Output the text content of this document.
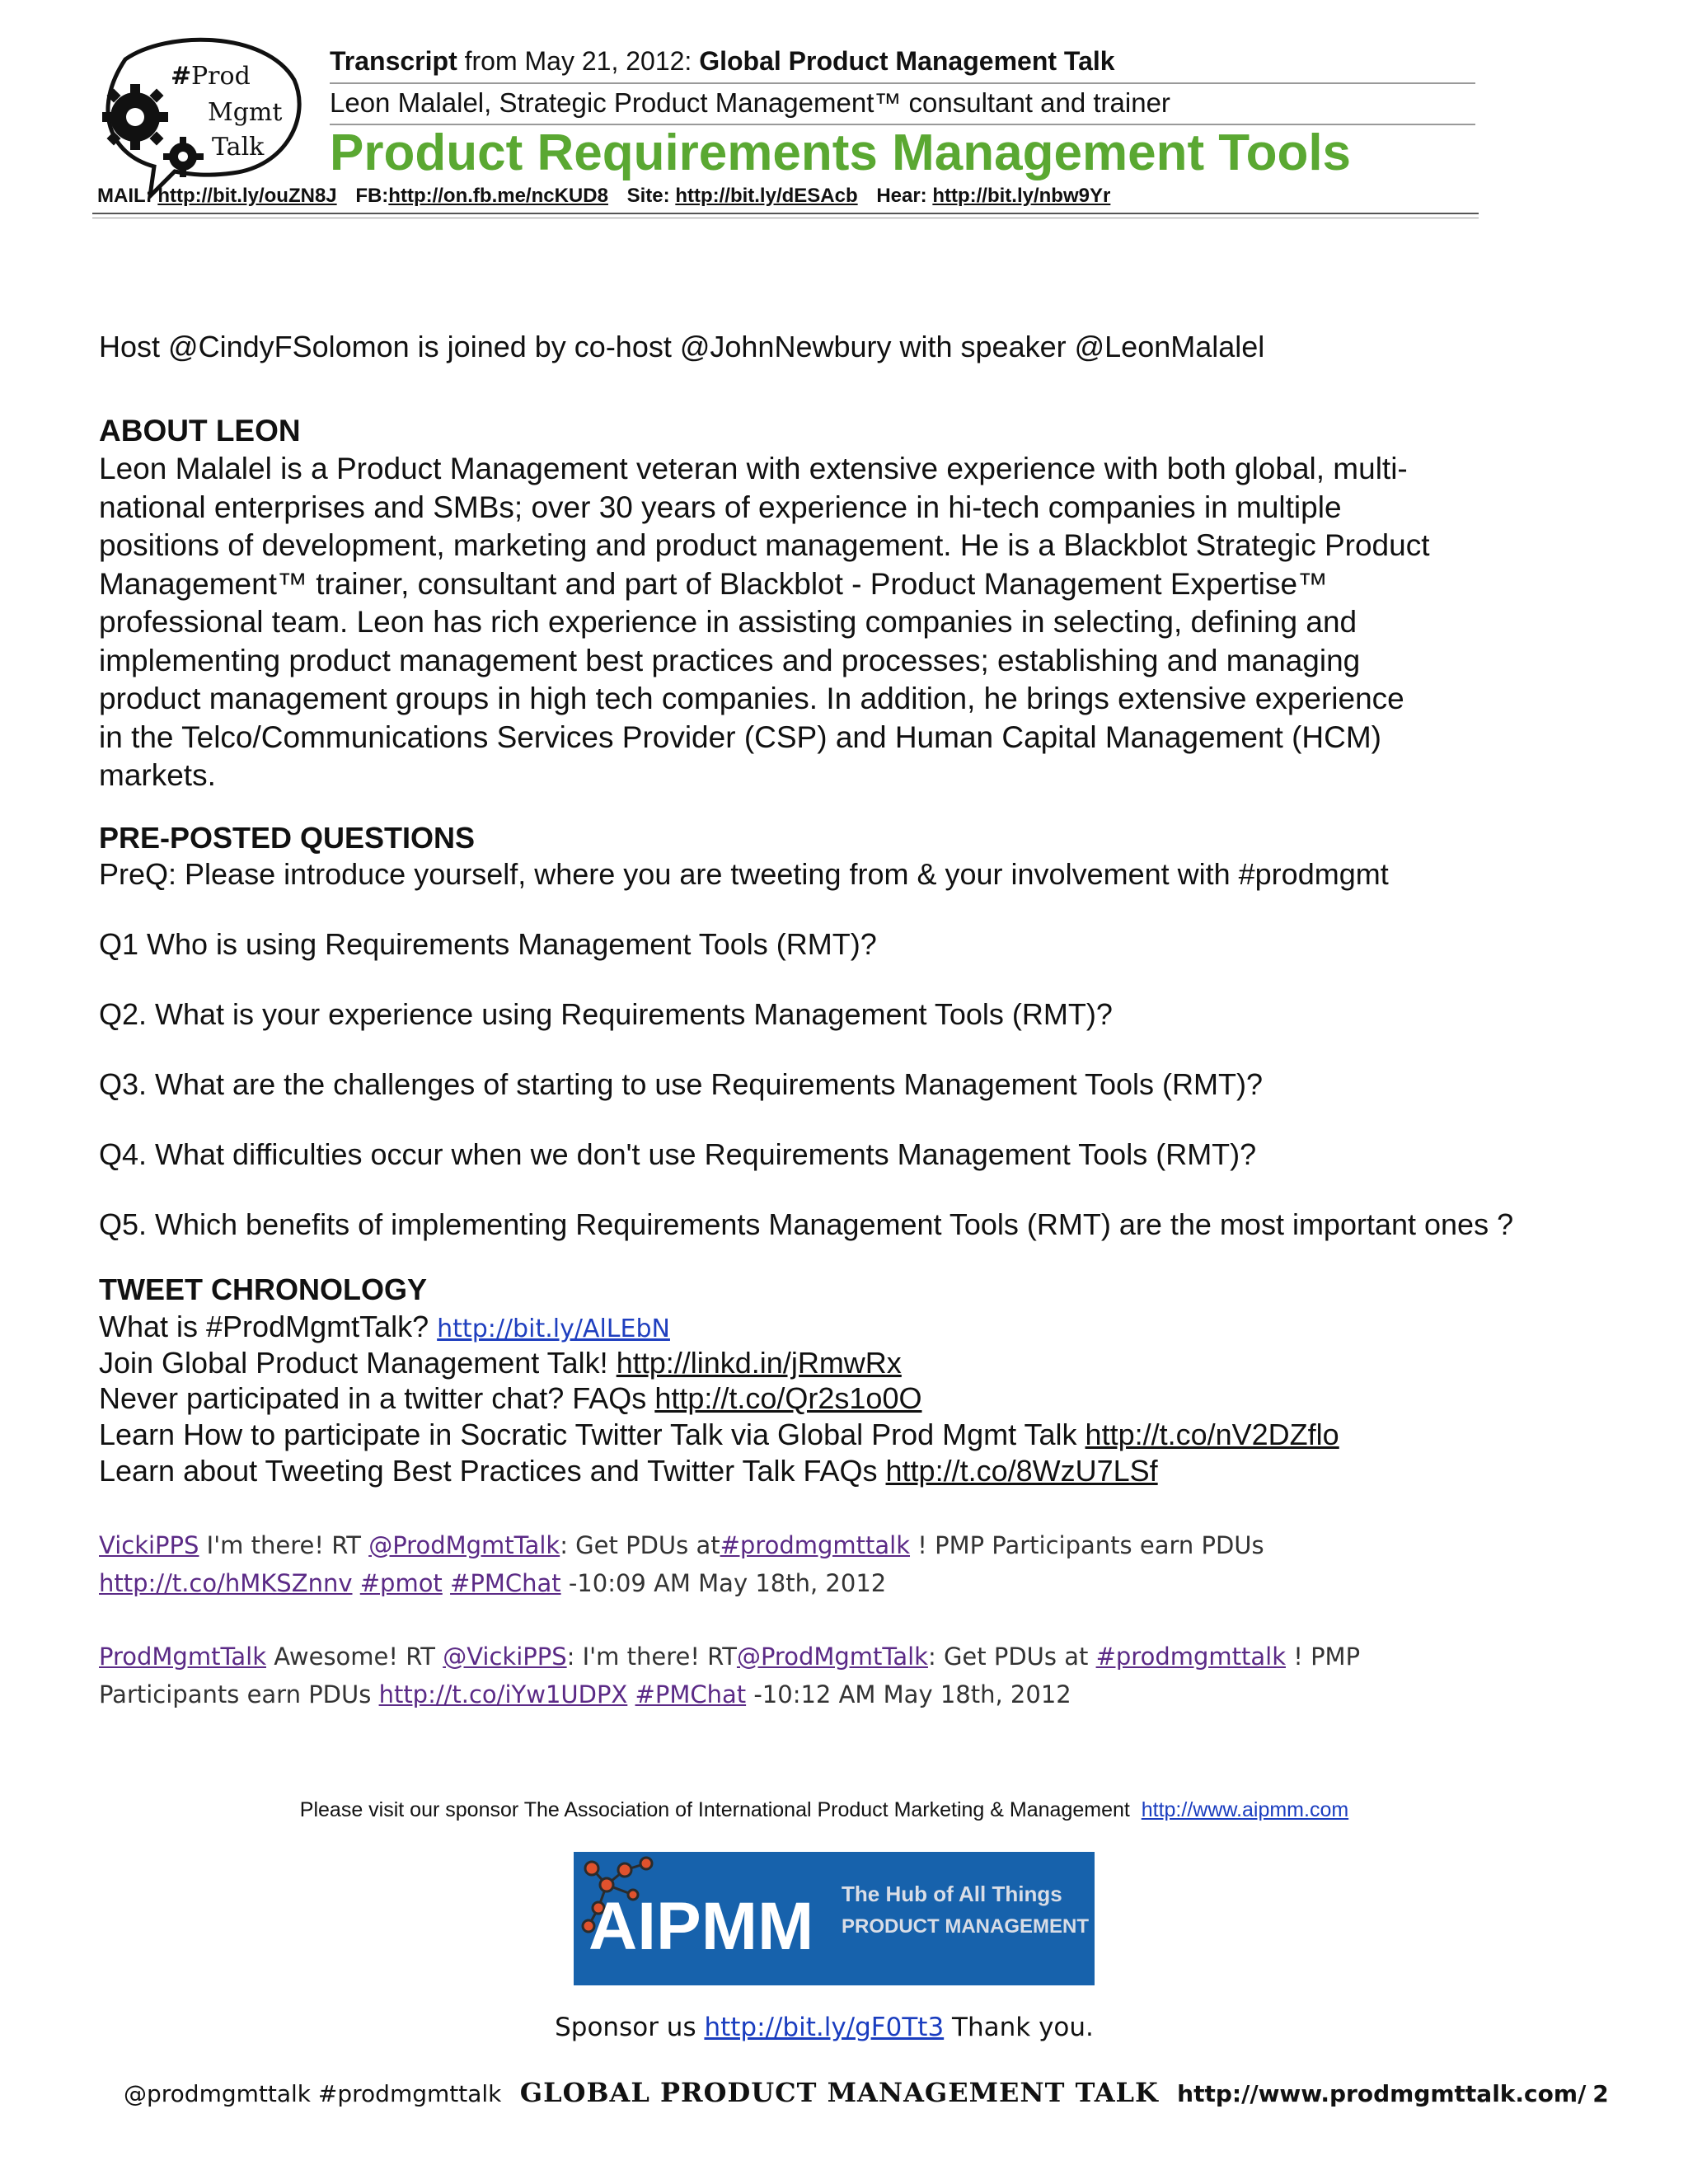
# Prod
Mgmt
Talk
Transcript from May 21, 2012: Global Product Management Talk
Leon Malalel, Strategic Product Management™ consultant and trainer
Product Requirements Management Tools
MAIL: http://bit.ly/ouZN8J FB:http://on.fb.me/ncKUD8 Site: http://bit.ly/dESAcb Hear: http://bit.ly/nbw9Yr
Host @CindyFSolomon is joined by co-host @JohnNewbury with speaker @LeonMalalel
ABOUT LEON
Leon Malalel is a Product Management veteran with extensive experience with both global, multi-
national enterprises and SMBs; over 30 years of experience in hi-tech companies in multiple
positions of development, marketing and product management. He is a Blackblot Strategic Product
Management™ trainer, consultant and part of Blackblot - Product Management Expertise™
professional team. Leon has rich experience in assisting companies in selecting, defining and
implementing product management best practices and processes; establishing and managing
product management groups in high tech companies. In addition, he brings extensive experience
in the Telco/Communications Services Provider (CSP) and Human Capital Management (HCM)
markets.
PRE-POSTED QUESTIONS
PreQ: Please introduce yourself, where you are tweeting from & your involvement with #prodmgmt
Q1 Who is using Requirements Management Tools (RMT)?
Q2. What is your experience using Requirements Management Tools (RMT)?
Q3. What are the challenges of starting to use Requirements Management Tools (RMT)?
Q4. What difficulties occur when we don't use Requirements Management Tools (RMT)?
Q5. Which benefits of implementing Requirements Management Tools (RMT) are the most important ones ?
TWEET CHRONOLOGY
What is #ProdMgmtTalk? http://bit.ly/AlLEbN
Join Global Product Management Talk! http://linkd.in/jRmwRx
Never participated in a twitter chat? FAQs http://t.co/Qr2s1o0O
Learn How to participate in Socratic Twitter Talk via Global Prod Mgmt Talk http://t.co/nV2DZflo
Learn about Tweeting Best Practices and Twitter Talk FAQs http://t.co/8WzU7LSf
VickiPPS I'm there! RT @ProdMgmtTalk: Get PDUs at#prodmgmttalk ! PMP Participants earn PDUs
http://t.co/hMKSZnnv #pmot #PMChat -10:09 AM May 18th, 2012
ProdMgmtTalk Awesome! RT @VickiPPS: I'm there! RT@ProdMgmtTalk: Get PDUs at #prodmgmttalk ! PMP
Participants earn PDUs http://t.co/iYw1UDPX #PMChat -10:12 AM May 18th, 2012
Please visit our sponsor The Association of International Product Marketing & Management http://www.aipmm.com
AIPMM The Hub of All Things
PRODUCT MANAGEMENT
Sponsor us http://bit.ly/gF0Tt3 Thank you.
@prodmgmttalk #prodmgmttalk GLOBAL PRODUCT MANAGEMENT TALK http://www.prodmgmttalk.com/ 2
